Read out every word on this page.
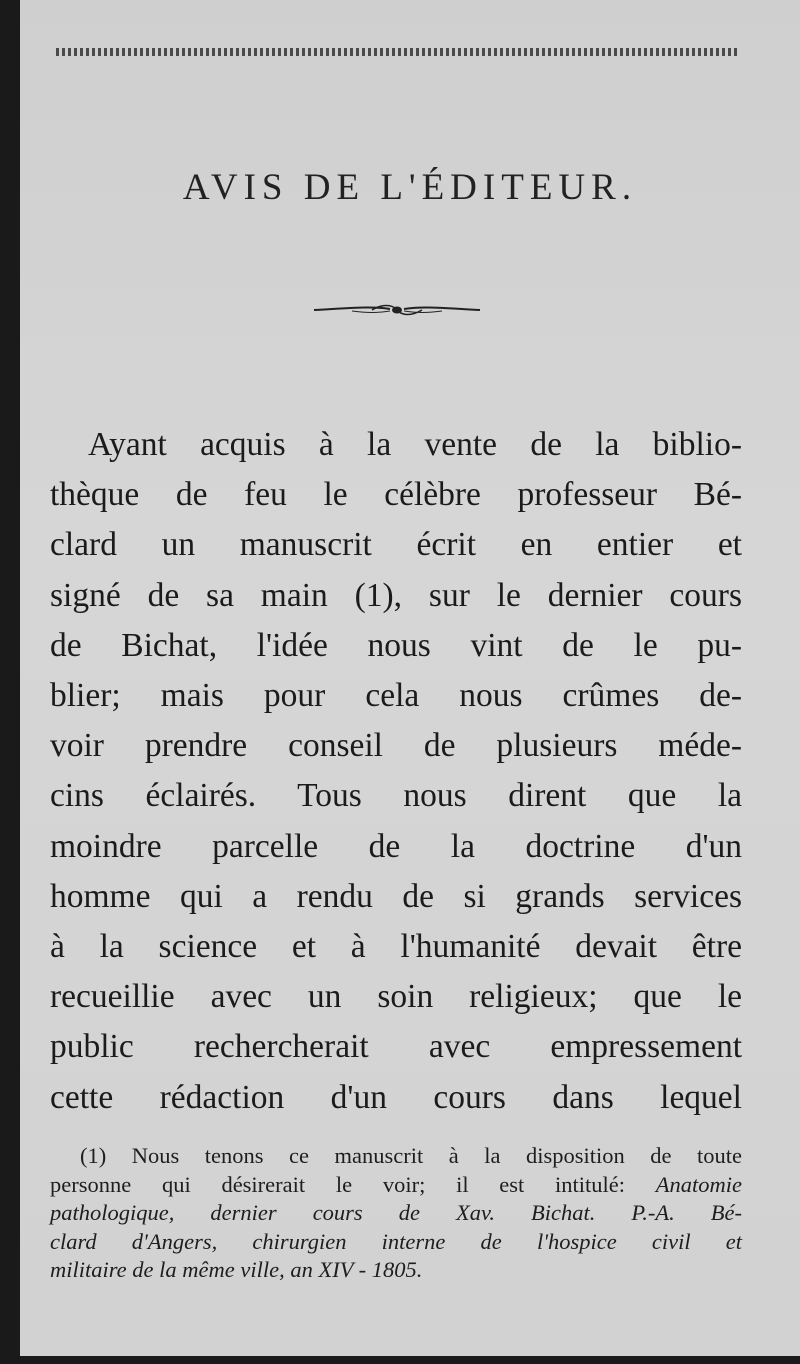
AVIS DE L'ÉDITEUR.
Ayant acquis à la vente de la biblio-
thèque de feu le célèbre professeur Bé-
clard un manuscrit écrit en entier et
signé de sa main (1), sur le dernier cours
de Bichat, l'idée nous vint de le pu-
blier; mais pour cela nous crûmes de-
voir prendre conseil de plusieurs méde-
cins éclairés. Tous nous dirent que la
moindre parcelle de la doctrine d'un
homme qui a rendu de si grands services
à la science et à l'humanité devait être
recueillie avec un soin religieux; que le
public rechercherait avec empressement
cette rédaction d'un cours dans lequel
(1) Nous tenons ce manuscrit à la disposition de toute
personne qui désirerait le voir; il est intitulé: Anatomie
pathologique, dernier cours de Xav. Bichat. P.-A. Bé-
clard d'Angers, chirurgien interne de l'hospice civil et
militaire de la même ville, an XIV - 1805.
